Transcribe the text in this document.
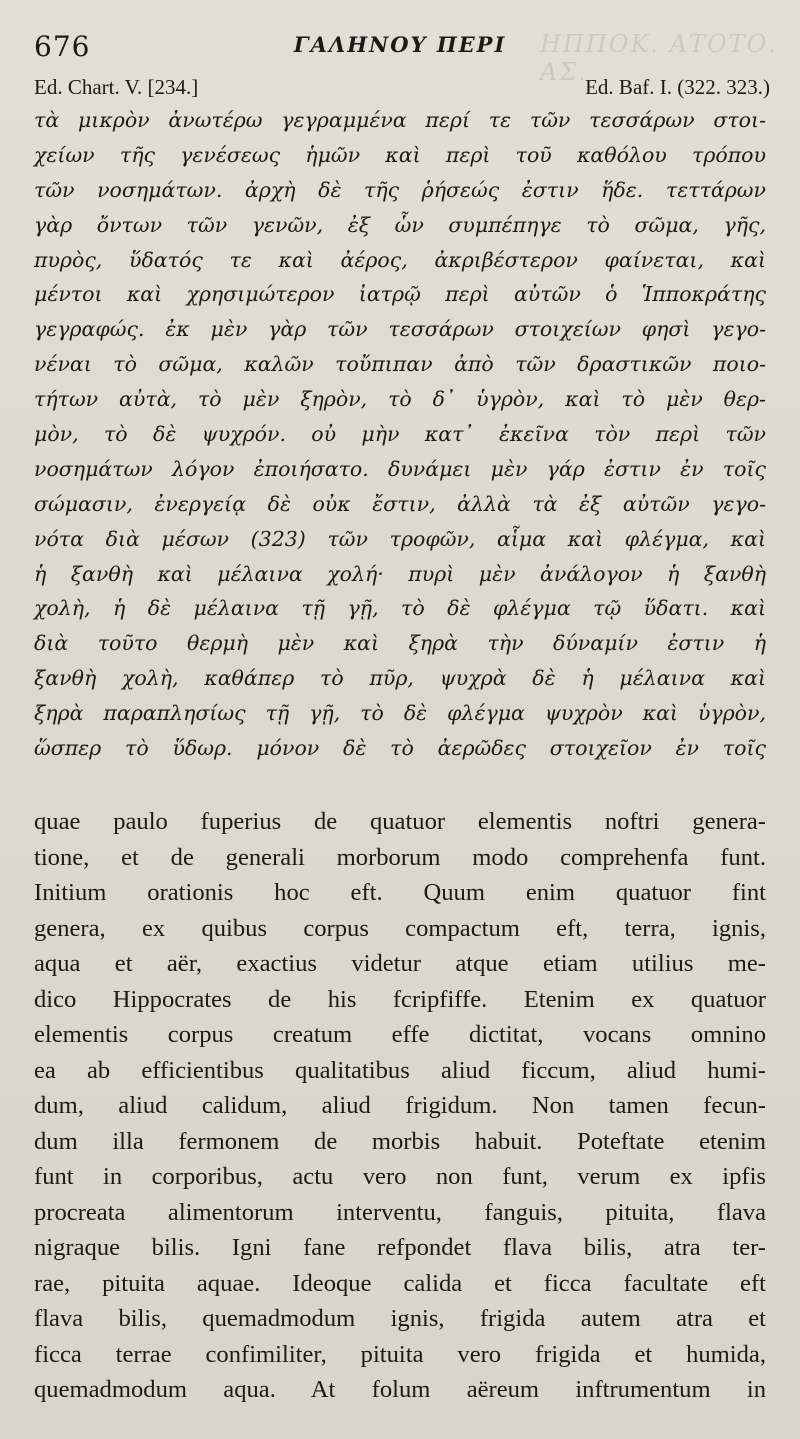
ΗΠΠΟΚ. ΑΤΟΤΟ. ΑΣ.
676	ΓΑΛΗΝΟΥ ΠΕΡΙ
Ed. Chart. V. [234.]	Ed. Baf. I. (322. 323.)
τὰ μικρὸν ἀνωτέρω γεγραμμένα περί τε τῶν τεσσάρων στοι-
χείων τῆς γενέσεως ἡμῶν καὶ περὶ τοῦ καθόλου τρόπου
τῶν νοσημάτων. ἀρχὴ δὲ τῆς ῥήσεώς ἐστιν ἥδε. τεττάρων
γὰρ ὄντων τῶν γενῶν, ἐξ ὧν συμπέπηγε τὸ σῶμα, γῆς,
πυρὸς, ὕδατός τε καὶ ἀέρος, ἀκριβέστερον φαίνεται, καὶ
μέντοι καὶ χρησιμώτερον ἰατρῷ περὶ αὐτῶν ὁ Ἱπποκράτης
γεγραφώς. ἐκ μὲν γὰρ τῶν τεσσάρων στοιχείων φησὶ γεγο-
νέναι τὸ σῶμα, καλῶν τοὔπιπαν ἀπὸ τῶν δραστικῶν ποιο-
τήτων αὐτὰ, τὸ μὲν ξηρὸν, τὸ δ᾽ ὑγρὸν, καὶ τὸ μὲν θερ-
μὸν, τὸ δὲ ψυχρόν. οὐ μὴν κατ᾽ ἐκεῖνα τὸν περὶ τῶν
νοσημάτων λόγον ἐποιήσατο. δυνάμει μὲν γάρ ἐστιν ἐν τοῖς
σώμασιν, ἐνεργείᾳ δὲ οὐκ ἔστιν, ἀλλὰ τὰ ἐξ αὐτῶν γεγο-
νότα διὰ μέσων (323) τῶν τροφῶν, αἷμα καὶ φλέγμα, καὶ
ἡ ξανθὴ καὶ μέλαινα χολή· πυρὶ μὲν ἀνάλογον ἡ ξανθὴ
χολὴ, ἡ δὲ μέλαινα τῇ γῇ, τὸ δὲ φλέγμα τῷ ὕδατι. καὶ
διὰ τοῦτο θερμὴ μὲν καὶ ξηρὰ τὴν δύναμίν ἐστιν ἡ
ξανθὴ χολὴ, καθάπερ τὸ πῦρ, ψυχρὰ δὲ ἡ μέλαινα καὶ
ξηρὰ παραπλησίως τῇ γῇ, τὸ δὲ φλέγμα ψυχρὸν καὶ ὑγρὸν,
ὥσπερ τὸ ὕδωρ. μόνον δὲ τὸ ἀερῶδες στοιχεῖον ἐν τοῖς
quae paulo fuperius de quatuor elementis noftri genera-
tione, et de generali morborum modo comprehenfa funt.
Initium orationis hoc eft. Quum enim quatuor fint
genera, ex quibus corpus compactum eft, terra, ignis,
aqua et aër, exactius videtur atque etiam utilius me-
dico Hippocrates de his fcripfiffe. Etenim ex quatuor
elementis corpus creatum effe dictitat, vocans omnino
ea ab efficientibus qualitatibus aliud ficcum, aliud humi-
dum, aliud calidum, aliud frigidum. Non tamen fecun-
dum illa fermonem de morbis habuit. Poteftate etenim
funt in corporibus, actu vero non funt, verum ex ipfis
procreata alimentorum interventu, fanguis, pituita, flava
nigraque bilis. Igni fane refpondet flava bilis, atra ter-
rae, pituita aquae. Ideoque calida et ficca facultate eft
flava bilis, quemadmodum ignis, frigida autem atra et
ficca terrae confimiliter, pituita vero frigida et humida,
quemadmodum aqua. At folum aëreum inftrumentum in
